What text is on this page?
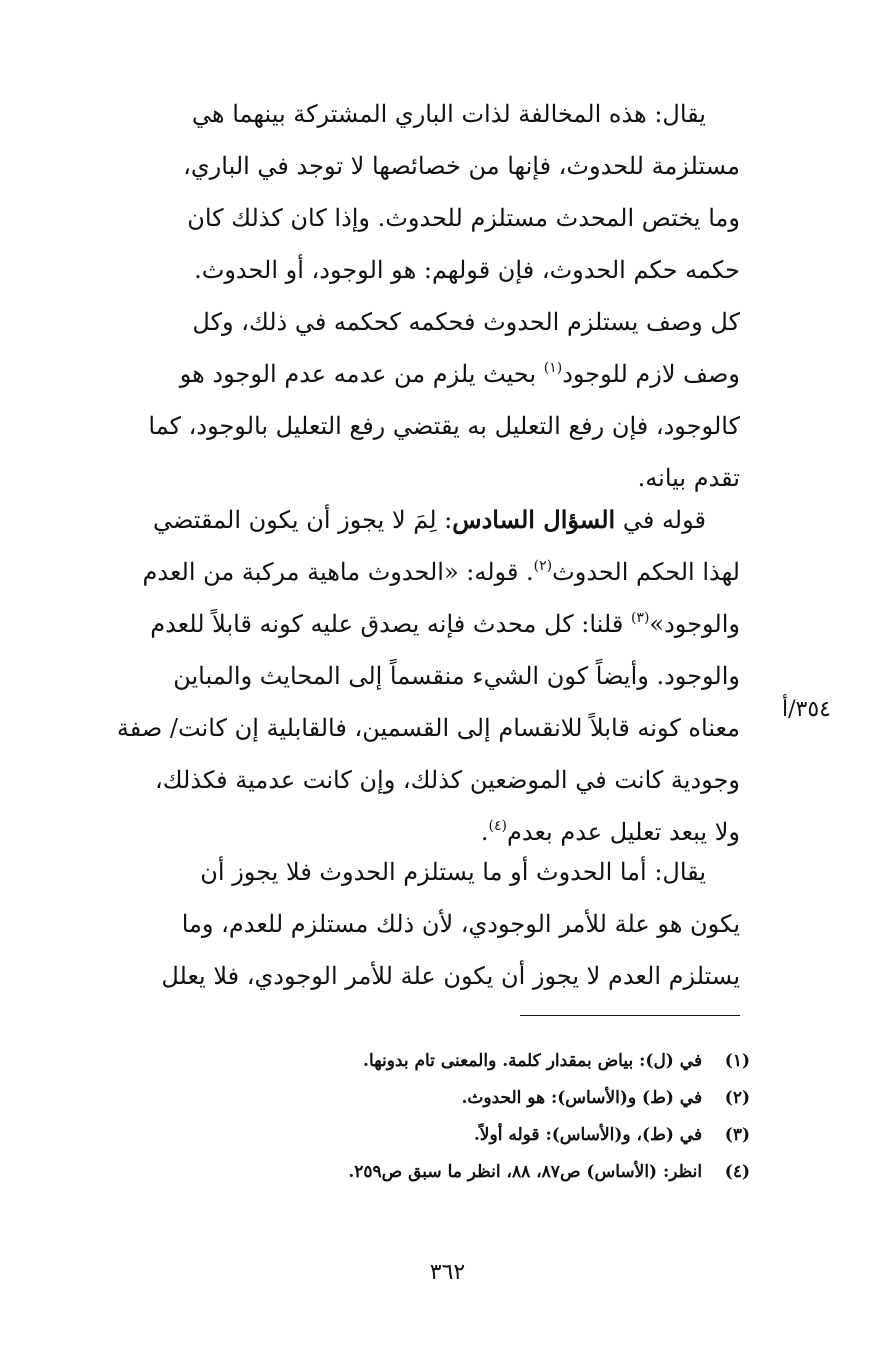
يقال: هذه المخالفة لذات الباري المشتركة بينهما هي
مستلزمة للحدوث، فإنها من خصائصها لا توجد في الباري،
وما يختص المحدث مستلزم للحدوث. وإذا كان كذلك كان
حكمه حكم الحدوث، فإن قولهم: هو الوجود، أو الحدوث.
كل وصف يستلزم الحدوث فحكمه كحكمه في ذلك، وكل
وصف لازم للوجود$^{(١)}$ بحيث يلزم من عدمه عدم الوجود هو
كالوجود، فإن رفع التعليل به يقتضي رفع التعليل بالوجود، كما
تقدم بيانه.
قوله في السؤال السادس: لِمَ لا يجوز أن يكون المقتضي
لهذا الحكم الحدوث$^{(٢)}$. قوله: «الحدوث ماهية مركبة من العدم
والوجود»$^{(٣)}$ قلنا: كل محدث فإنه يصدق عليه كونه قابلاً للعدم
والوجود. وأيضاً كون الشيء منقسماً إلى المحايث والمباين
معناه كونه قابلاً للانقسام إلى القسمين، فالقابلية إن كانت/ صفة
وجودية كانت في الموضعين كذلك، وإن كانت عدمية فكذلك،
ولا يبعد تعليل عدم بعدم$^{(٤)}$.
يقال: أما الحدوث أو ما يستلزم الحدوث فلا يجوز أن
يكون هو علة للأمر الوجودي، لأن ذلك مستلزم للعدم، وما
يستلزم العدم لا يجوز أن يكون علة للأمر الوجودي، فلا يعلل
٣٥٤/أ
(١) في (ل): بياض بمقدار كلمة. والمعنى تام بدونها.
(٢) في (ط) و(الأساس): هو الحدوث.
(٣) في (ط)، و(الأساس): قوله أولاً.
(٤) انظر: (الأساس) ص٨٧، ٨٨، انظر ما سبق ص٢٥٩.
٣٦٢
